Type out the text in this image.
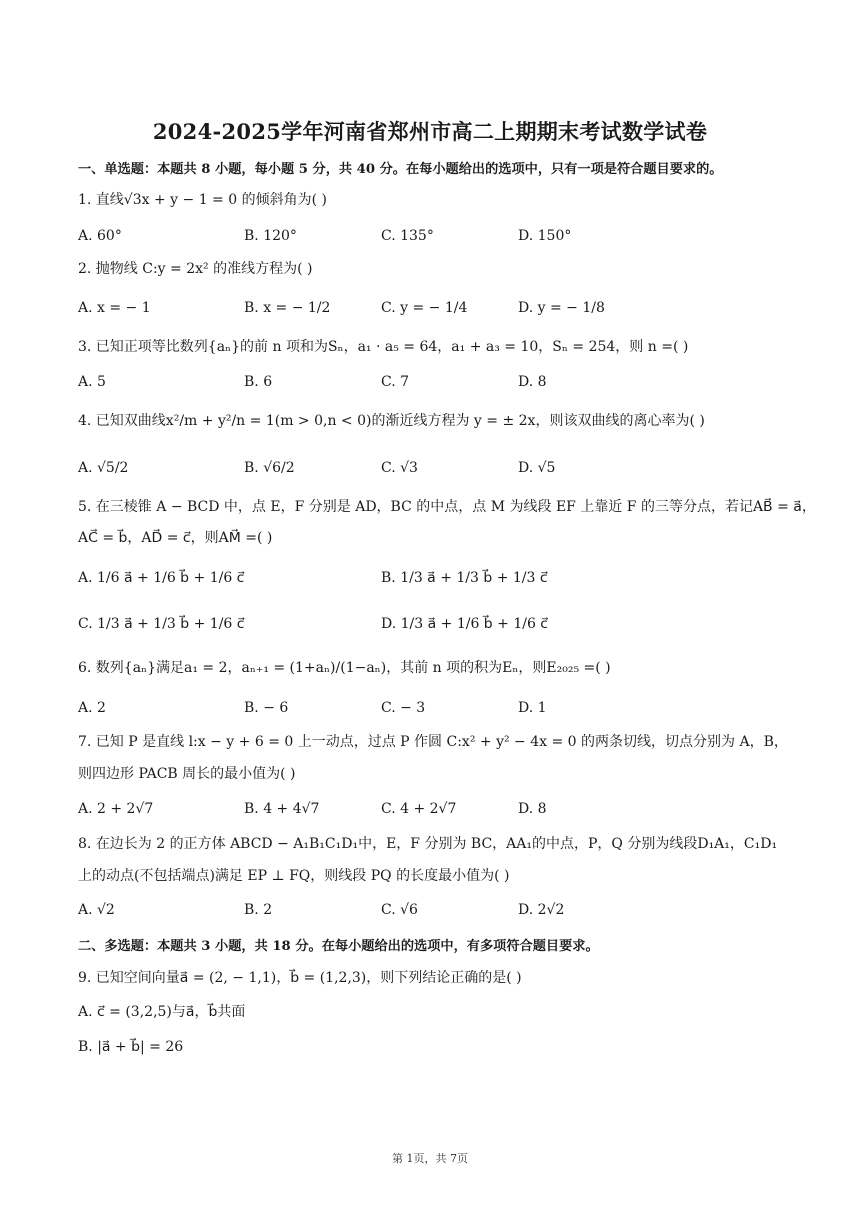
2024-2025学年河南省郑州市高二上期期末考试数学试卷
一、单选题：本题共 8 小题，每小题 5 分，共 40 分。在每小题给出的选项中，只有一项是符合题目要求的。
1. 直线√3x + y − 1 = 0 的倾斜角为( )
A. 60°	B. 120°	C. 135°	D. 150°
2. 抛物线 C:y = 2x² 的准线方程为( )
A. x = − 1	B. x = − 1/2	C. y = − 1/4	D. y = − 1/8
3. 已知正项等比数列{aₙ}的前 n 项和为Sₙ，a₁ · a₅ = 64，a₁ + a₃ = 10，Sₙ = 254，则 n =( )
A. 5	B. 6	C. 7	D. 8
4. 已知双曲线x²/m + y²/n = 1(m > 0,n < 0)的渐近线方程为 y = ± 2x，则该双曲线的离心率为( )
A. √5/2	B. √6/2	C. √3	D. √5
5. 在三棱锥 A − BCD 中，点 E，F 分别是 AD，BC 的中点，点 M 为线段 EF 上靠近 F 的三等分点，若记AB⃗ = a⃗，
AC⃗ = b⃗，AD⃗ = c⃗，则AM⃗ =( )
A. 1/6 a⃗ + 1/6 b⃗ + 1/6 c⃗	B. 1/3 a⃗ + 1/3 b⃗ + 1/3 c⃗
C. 1/3 a⃗ + 1/3 b⃗ + 1/6 c⃗	D. 1/3 a⃗ + 1/6 b⃗ + 1/6 c⃗
6. 数列{aₙ}满足a₁ = 2，aₙ₊₁ = (1+aₙ)/(1−aₙ)，其前 n 项的积为Eₙ，则E₂₀₂₅ =( )
A. 2	B. − 6	C. − 3	D. 1
7. 已知 P 是直线 l:x − y + 6 = 0 上一动点，过点 P 作圆 C:x² + y² − 4x = 0 的两条切线，切点分别为 A，B，
则四边形 PACB 周长的最小值为( )
A. 2 + 2√7	B. 4 + 4√7	C. 4 + 2√7	D. 8
8. 在边长为 2 的正方体 ABCD − A₁B₁C₁D₁中，E，F 分别为 BC，AA₁的中点，P，Q 分别为线段D₁A₁，C₁D₁
上的动点(不包括端点)满足 EP ⊥ FQ，则线段 PQ 的长度最小值为( )
A. √2	B. 2	C. √6	D. 2√2
二、多选题：本题共 3 小题，共 18 分。在每小题给出的选项中，有多项符合题目要求。
9. 已知空间向量a⃗ = (2, − 1,1)，b⃗ = (1,2,3)，则下列结论正确的是( )
A. c⃗ = (3,2,5)与a⃗，b⃗共面
B. |a⃗ + b⃗| = 26
第 1页，共 7页
